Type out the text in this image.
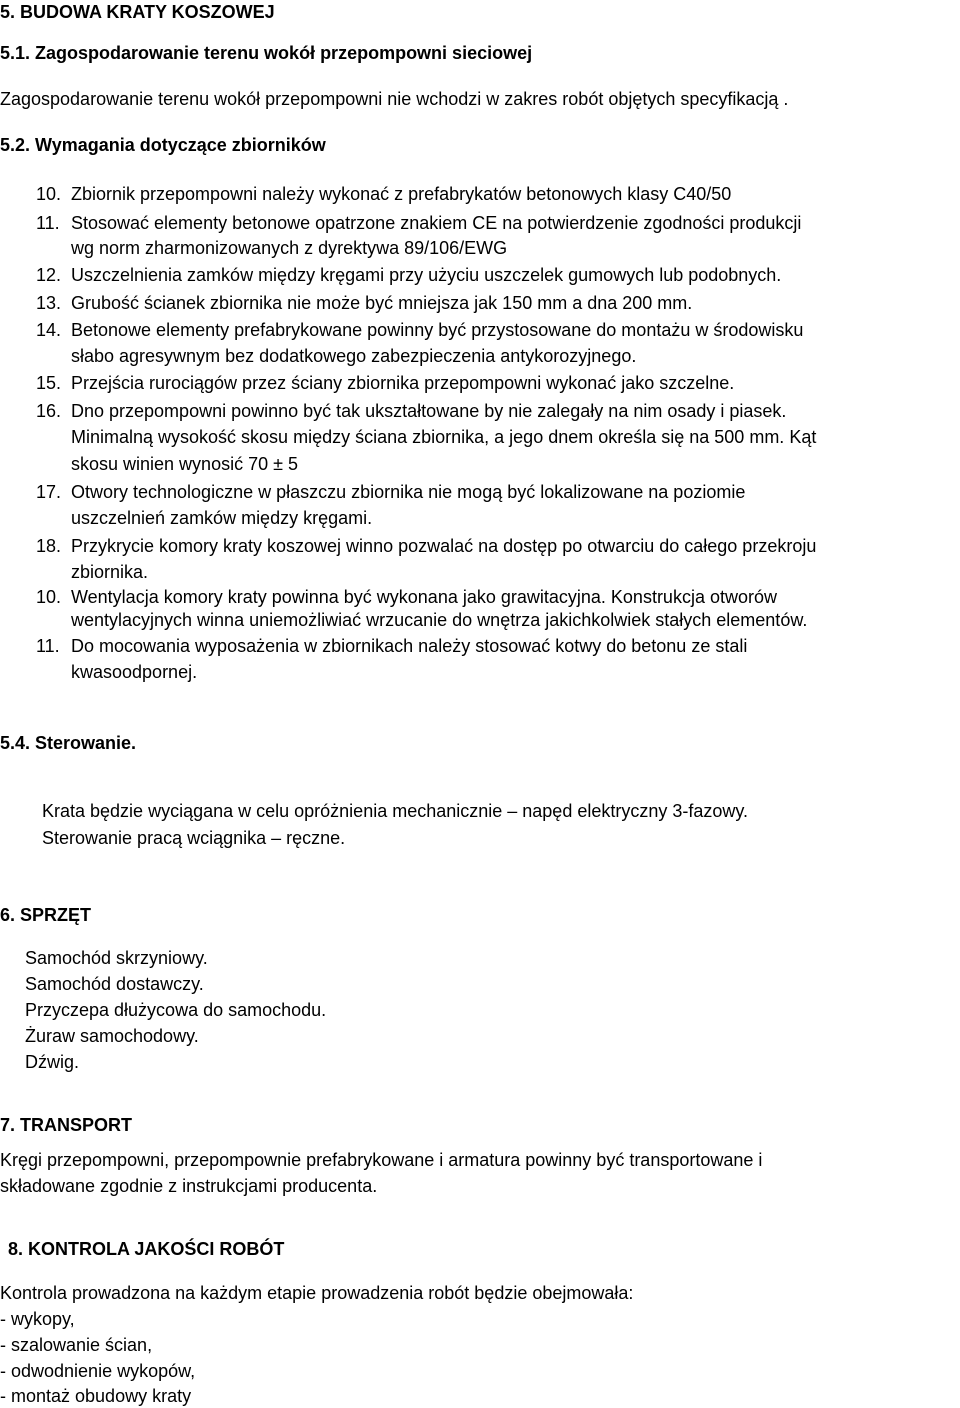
5. BUDOWA KRATY KOSZOWEJ
5.1. Zagospodarowanie terenu wokół przepompowni sieciowej
Zagospodarowanie terenu wokół przepompowni nie wchodzi w zakres robót objętych specyfikacją .
5.2. Wymagania dotyczące zbiorników
10. Zbiornik przepompowni należy wykonać z prefabrykatów betonowych klasy C40/50
11. Stosować elementy betonowe opatrzone znakiem CE na potwierdzenie zgodności produkcji
wg norm zharmonizowanych z dyrektywa 89/106/EWG
12. Uszczelnienia zamków między kręgami przy użyciu uszczelek gumowych lub podobnych.
13. Grubość ścianek zbiornika nie może być mniejsza jak 150 mm a dna 200 mm.
14. Betonowe elementy prefabrykowane powinny być przystosowane do montażu w środowisku
słabo agresywnym bez dodatkowego zabezpieczenia antykorozyjnego.
15. Przejścia rurociągów przez ściany zbiornika przepompowni wykonać jako szczelne.
16. Dno przepompowni powinno być tak ukształtowane by nie zalegały na nim osady i piasek.
Minimalną wysokość skosu między ściana zbiornika, a jego dnem określa się na 500 mm. Kąt
skosu winien wynosić 70 ± 5
17. Otwory technologiczne w płaszczu zbiornika nie mogą być lokalizowane na poziomie
uszczelnień zamków między kręgami.
18. Przykrycie komory kraty koszowej winno pozwalać na dostęp po otwarciu do całego przekroju
zbiornika.
10. Wentylacja komory kraty powinna być wykonana jako grawitacyjna. Konstrukcja otworów
wentylacyjnych winna uniemożliwiać wrzucanie do wnętrza jakichkolwiek stałych elementów.
11. Do mocowania wyposażenia w zbiornikach należy stosować kotwy do betonu ze stali
kwasoodpornej.
5.4. Sterowanie.
Krata będzie wyciągana w celu opróżnienia mechanicznie – napęd elektryczny 3-fazowy.
Sterowanie pracą wciągnika – ręczne.
6. SPRZĘT
Samochód skrzyniowy.
Samochód dostawczy.
Przyczepa dłużycowa do samochodu.
Żuraw samochodowy.
Dźwig.
7. TRANSPORT
Kręgi przepompowni, przepompownie prefabrykowane i armatura powinny być transportowane i
składowane zgodnie z instrukcjami producenta.
8. KONTROLA JAKOŚCI ROBÓT
Kontrola prowadzona na każdym etapie prowadzenia robót będzie obejmowała:
- wykopy,
- szalowanie ścian,
- odwodnienie wykopów,
- montaż obudowy kraty
